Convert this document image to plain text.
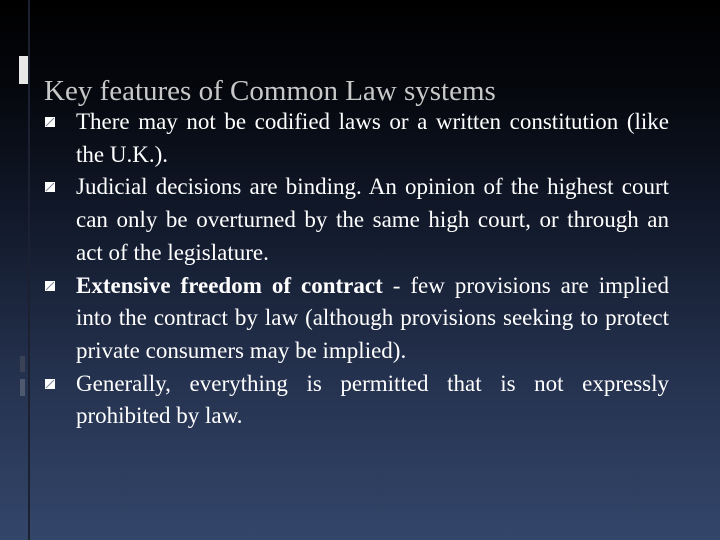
Key features of Common Law systems
There may not be codified laws or a written constitution (like the U.K.).
Judicial decisions are binding. An opinion of the highest court can only be overturned by the same high court, or through an act of the legislature.
Extensive freedom of contract - few provisions are implied into the contract by law (although provisions seeking to protect private consumers may be implied).
Generally, everything is permitted that is not expressly prohibited by law.
